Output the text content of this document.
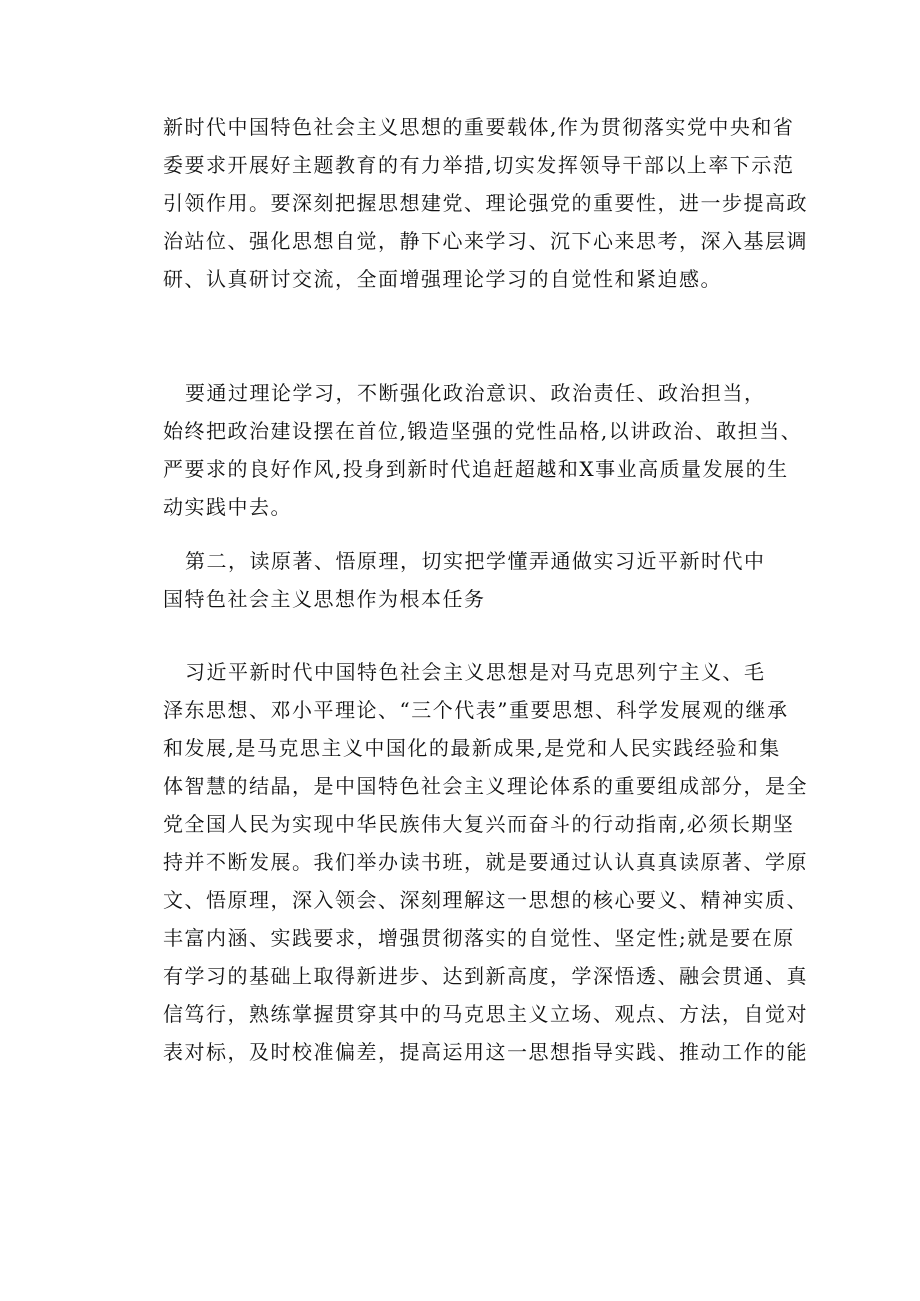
新时代中国特色社会主义思想的重要载体,作为贯彻落实党中央和省
委要求开展好主题教育的有力举措,切实发挥领导干部以上率下示范
引领作用。要深刻把握思想建党、理论强党的重要性，进一步提高政
治站位、强化思想自觉，静下心来学习、沉下心来思考，深入基层调
研、认真研讨交流，全面增强理论学习的自觉性和紧迫感。
要通过理论学习，不断强化政治意识、政治责任、政治担当，
始终把政治建设摆在首位,锻造坚强的党性品格,以讲政治、敢担当、
严要求的良好作风,投身到新时代追赶超越和X事业高质量发展的生
动实践中去。
第二，读原著、悟原理，切实把学懂弄通做实习近平新时代中
国特色社会主义思想作为根本任务
习近平新时代中国特色社会主义思想是对马克思列宁主义、毛
泽东思想、邓小平理论、“三个代表”重要思想、科学发展观的继承
和发展,是马克思主义中国化的最新成果,是党和人民实践经验和集
体智慧的结晶，是中国特色社会主义理论体系的重要组成部分，是全
党全国人民为实现中华民族伟大复兴而奋斗的行动指南,必须长期坚
持并不断发展。我们举办读书班，就是要通过认认真真读原著、学原
文、悟原理，深入领会、深刻理解这一思想的核心要义、精神实质、
丰富内涵、实践要求，增强贯彻落实的自觉性、坚定性;就是要在原
有学习的基础上取得新进步、达到新高度，学深悟透、融会贯通、真
信笃行，熟练掌握贯穿其中的马克思主义立场、观点、方法，自觉对
表对标，及时校准偏差，提高运用这一思想指导实践、推动工作的能
